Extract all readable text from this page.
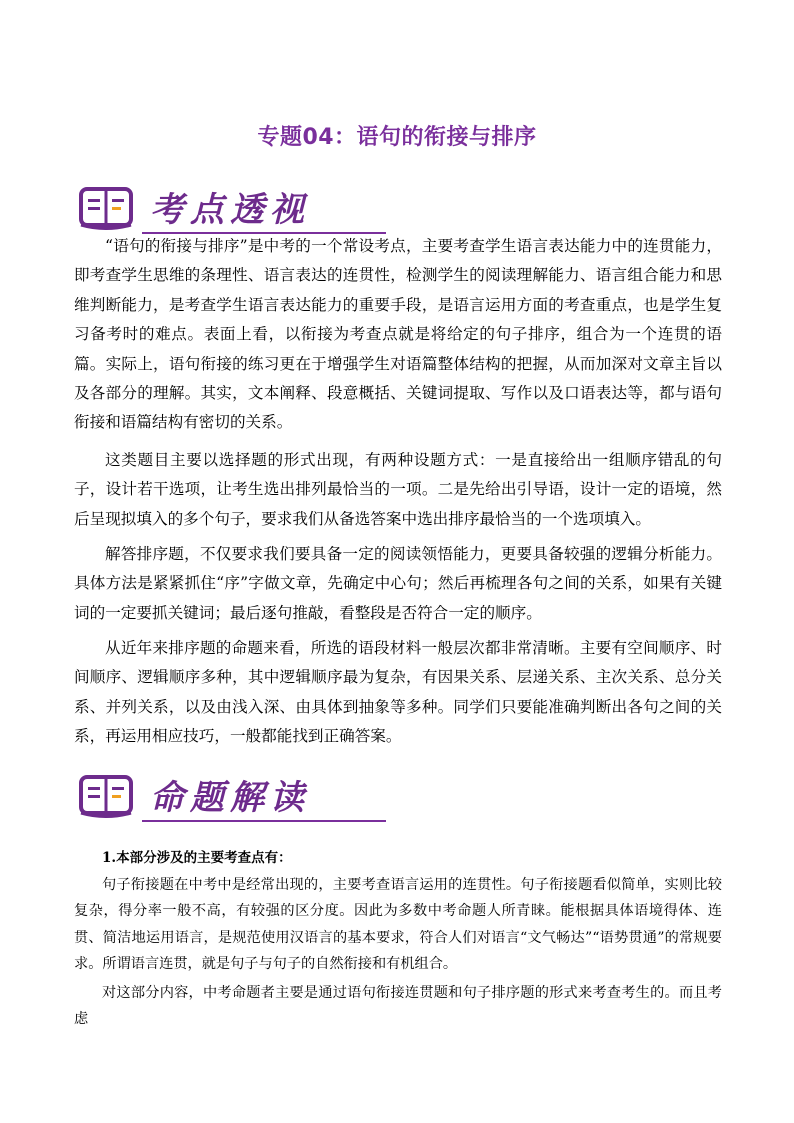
专题04：语句的衔接与排序
考点透视
“语句的衔接与排序”是中考的一个常设考点，主要考查学生语言表达能力中的连贯能力，即考查学生思维的条理性、语言表达的连贯性，检测学生的阅读理解能力、语言组合能力和思维判断能力，是考查学生语言表达能力的重要手段，是语言运用方面的考查重点，也是学生复习备考时的难点。表面上看，以衔接为考查点就是将给定的句子排序，组合为一个连贯的语篇。实际上，语句衔接的练习更在于增强学生对语篇整体结构的把握，从而加深对文章主旨以及各部分的理解。其实，文本阐释、段意概括、关键词提取、写作以及口语表达等，都与语句衔接和语篇结构有密切的关系。
这类题目主要以选择题的形式出现，有两种设题方式：一是直接给出一组顺序错乱的句子，设计若干选项，让考生选出排列最恰当的一项。二是先给出引导语，设计一定的语境，然后呈现拟填入的多个句子，要求我们从备选答案中选出排序最恰当的一个选项填入。
解答排序题，不仅要求我们要具备一定的阅读领悟能力，更要具备较强的逻辑分析能力。具体方法是紧紧抓住“序”字做文章，先确定中心句；然后再梳理各句之间的关系，如果有关键词的一定要抓关键词；最后逐句推敲，看整段是否符合一定的顺序。
从近年来排序题的命题来看，所选的语段材料一般层次都非常清晰。主要有空间顺序、时间顺序、逻辑顺序多种，其中逻辑顺序最为复杂，有因果关系、层递关系、主次关系、总分关系、并列关系，以及由浅入深、由具体到抽象等多种。同学们只要能准确判断出各句之间的关系，再运用相应技巧，一般都能找到正确答案。
命题解读
1.本部分涉及的主要考查点有：
句子衔接题在中考中是经常出现的，主要考查语言运用的连贯性。句子衔接题看似简单，实则比较复杂，得分率一般不高，有较强的区分度。因此为多数中考命题人所青睐。能根据具体语境得体、连贯、简洁地运用语言，是规范使用汉语言的基本要求，符合人们对语言“文气畅达”“语势贯通”的常规要求。所谓语言连贯，就是句子与句子的自然衔接和有机组合。
对这部分内容，中考命题者主要是通过语句衔接连贯题和句子排序题的形式来考查考生的。而且考虑
